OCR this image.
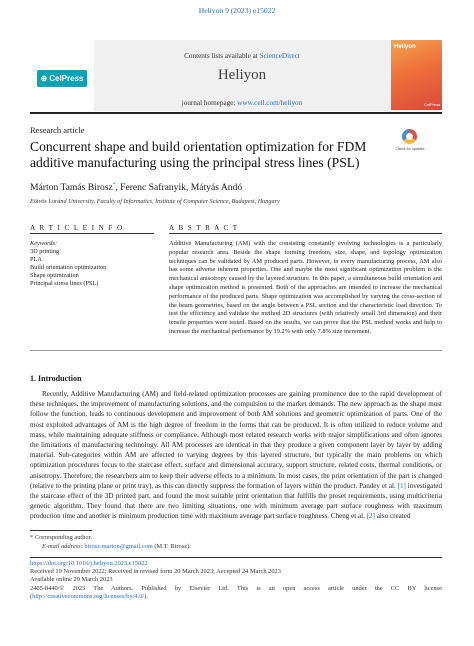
Heliyon 9 (2023) e15022
⊕ CelPress
Contents lists available at ScienceDirect
Heliyon
journal homepage: www.cell.com/heliyon
Heliyon
CelPress
Research article
Check for updates
Concurrent shape and build orientation optimization for FDM additive manufacturing using the principal stress lines (PSL)
Márton Tamás Birosz*, Ferenc Safranyik, Mátyás Andó
Eötvös Loránd University, Faculty of Informatics, Institute of Computer Science, Budapest, Hungary
A R T I C L E I N F O	A B S T R A C T
Keywords:
3D printing
PLA
Build orientation optimization
Shape optimization
Principal stress lines (PSL)
Additive Manufacturing (AM) with the consisting constantly evolving technologies is a particularly popular research area. Beside the shape forming freedom, size, shape, and topology optimization techniques can be validated by AM produced parts. However, in every manufacturing process, AM also has some adverse inherent properties. One and maybe the most significant optimization problem is the mechanical anisotropy caused by the layered structure. In this paper, a simultaneous build orientation and shape optimization method is presented. Both of the approaches are intended to increase the mechanical performance of the produced parts. Shape optimization was accomplished by varying the cross-section of the beam geometries, based on the angle between a PSL section and the characteristic load direction. To test the efficiency and validate the method 2D structures (with relatively small 3rd dimension) and their tensile properties were tested. Based on the results, we can prove that the PSL method works and help to increase the mechanical performance by 19.2% with only 7.8% size increment.
1. Introduction
Recently, Additive Manufacturing (AM) and field-related optimization processes are gaining prominence due to the rapid development of these techniques, the improvement of manufacturing solutions, and the compulsion to the market demands. The new approach as the shape must follow the function, leads to continuous development and improvement of both AM solutions and geometric optimization of parts. One of the most exploited advantages of AM is the high degree of freedom in the forms that can be produced. It is often utilized to reduce volume and mass, while maintaining adequate stiffness or compliance. Although most related research works with major simplifications and often ignores the limitations of manufacturing technology. All AM processes are identical in that they produce a given component layer by layer by adding material. Sub-categories within AM are affected to varying degrees by this layered structure, but typically the main problems on which optimization procedures focus to the staircase effect, surface and dimensional accuracy, support structure, related costs, thermal conditions, or anisotropy. Therefore, the researchers aim to keep their adverse effects to a minimum. In most cases, the print orientation of the part is changed (relative to the printing plane or print tray), as this can directly suppress the formation of layers within the product. Pandey et al. [1] investigated the staircase effect of the 3D printed part, and found the most suitable print orientation that fulfills the preset requirements, using multicriteria genetic algorithm. They found that there are two limiting situations, one with minimum average part surface roughness with maximum production time and another is minimum production time with maximum average part surface roughness. Cheng et al. [2] also created
* Corresponding author.
E-mail address: birosz.marton@gmail.com (M.T. Birosz).
https://doi.org/10.1016/j.heliyon.2023.e15022
Received 19 November 2022; Received in revised form 20 March 2023; Accepted 24 March 2023
Available online 29 March 2023
2405-8440/© 2023 The Authors. Published by Elsevier Ltd. This is an open access article under the CC BY license
(http://creativecommons.org/licenses/by/4.0/).
